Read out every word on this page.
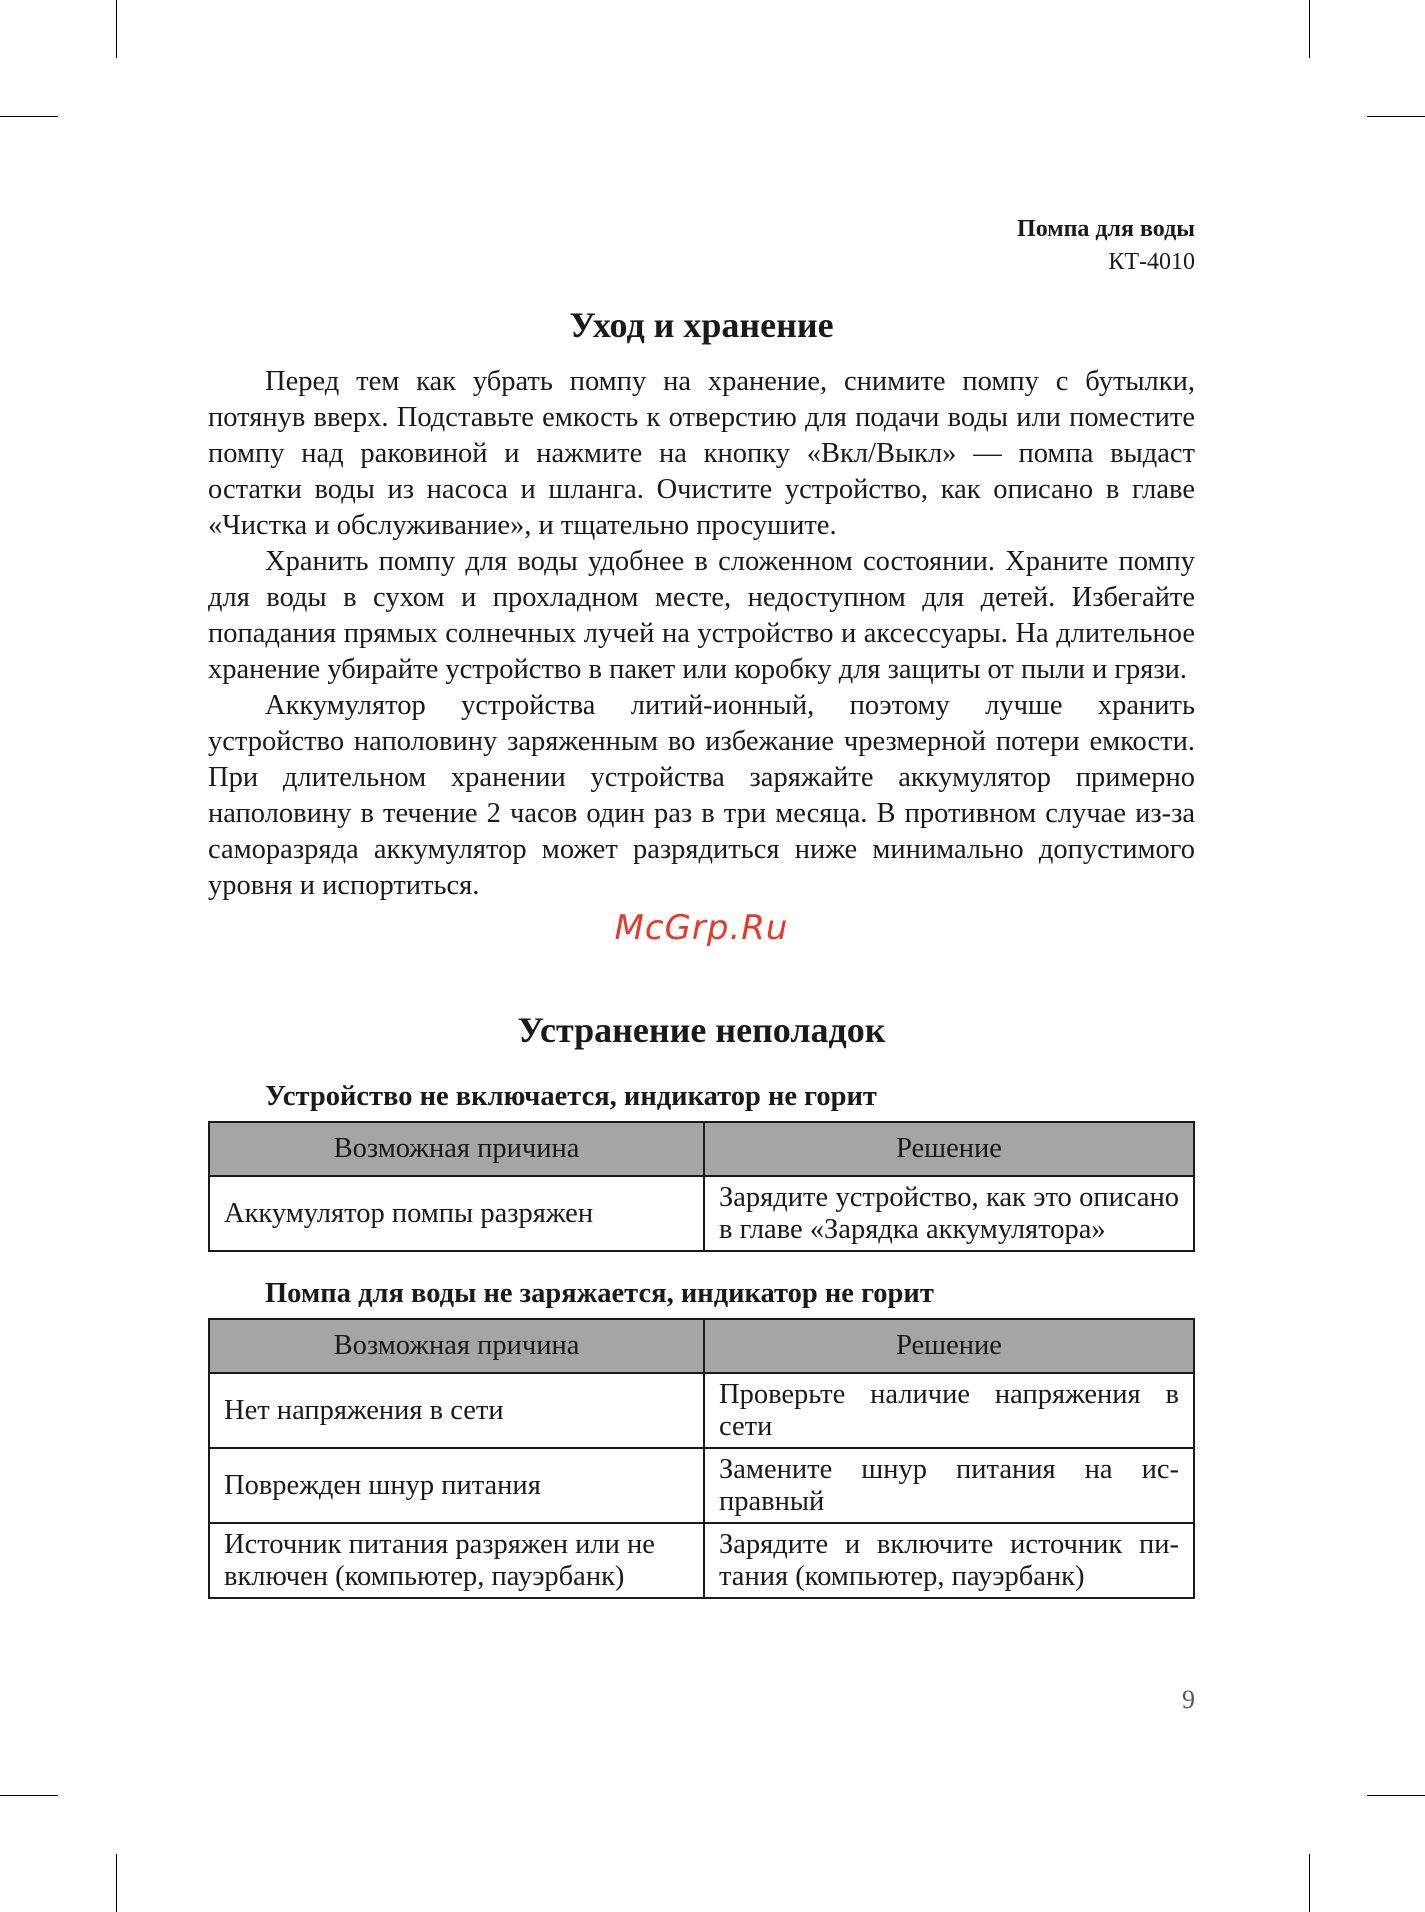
Помпа для воды
КТ-4010
Уход и хранение

Перед тем как убрать помпу на хранение, снимите помпу с бутылки, потянув вверх. Подставьте емкость к отверстию для подачи воды или поместите помпу над раковиной и нажмите на кнопку «Вкл/Выкл» — помпа выдаст остатки воды из насоса и шланга. Очистите устройство, как описано в главе «Чистка и обслуживание», и тщательно просушите.

Хранить помпу для воды удобнее в сложенном состоянии. Храните помпу для воды в сухом и прохладном месте, недоступном для детей. Избегайте попадания прямых солнечных лучей на устройство и аксессуары. На длительное хранение убирайте устройство в пакет или коробку для защиты от пыли и грязи.

Аккумулятор устройства литий-ионный, поэтому лучше хранить устройство наполовину заряженным во избежание чрезмерной потери емкости. При длительном хранении устройства заряжайте аккумулятор примерно наполовину в течение 2 часов один раз в три месяца. В противном случае из-за саморазряда аккумулятор может разрядиться ниже минимально допустимого уровня и испортиться.

McGrp.Ru
Устранение неполадок
Устройство не включается, индикатор не горит
Возможная причина	Решение
Аккумулятор помпы разряжен	Зарядите устройство, как это описано в главе «Зарядка аккумулятора»
Помпа для воды не заряжается, индикатор не горит
Возможная причина	Решение
Нет напряжения в сети	Проверьте наличие напряжения в сети
Поврежден шнур питания	Замените шнур питания на исправный
Источник питания разряжен или не включен (компьютер, пауэрбанк)	Зарядите и включите источник питания (компьютер, пауэрбанк)
9
